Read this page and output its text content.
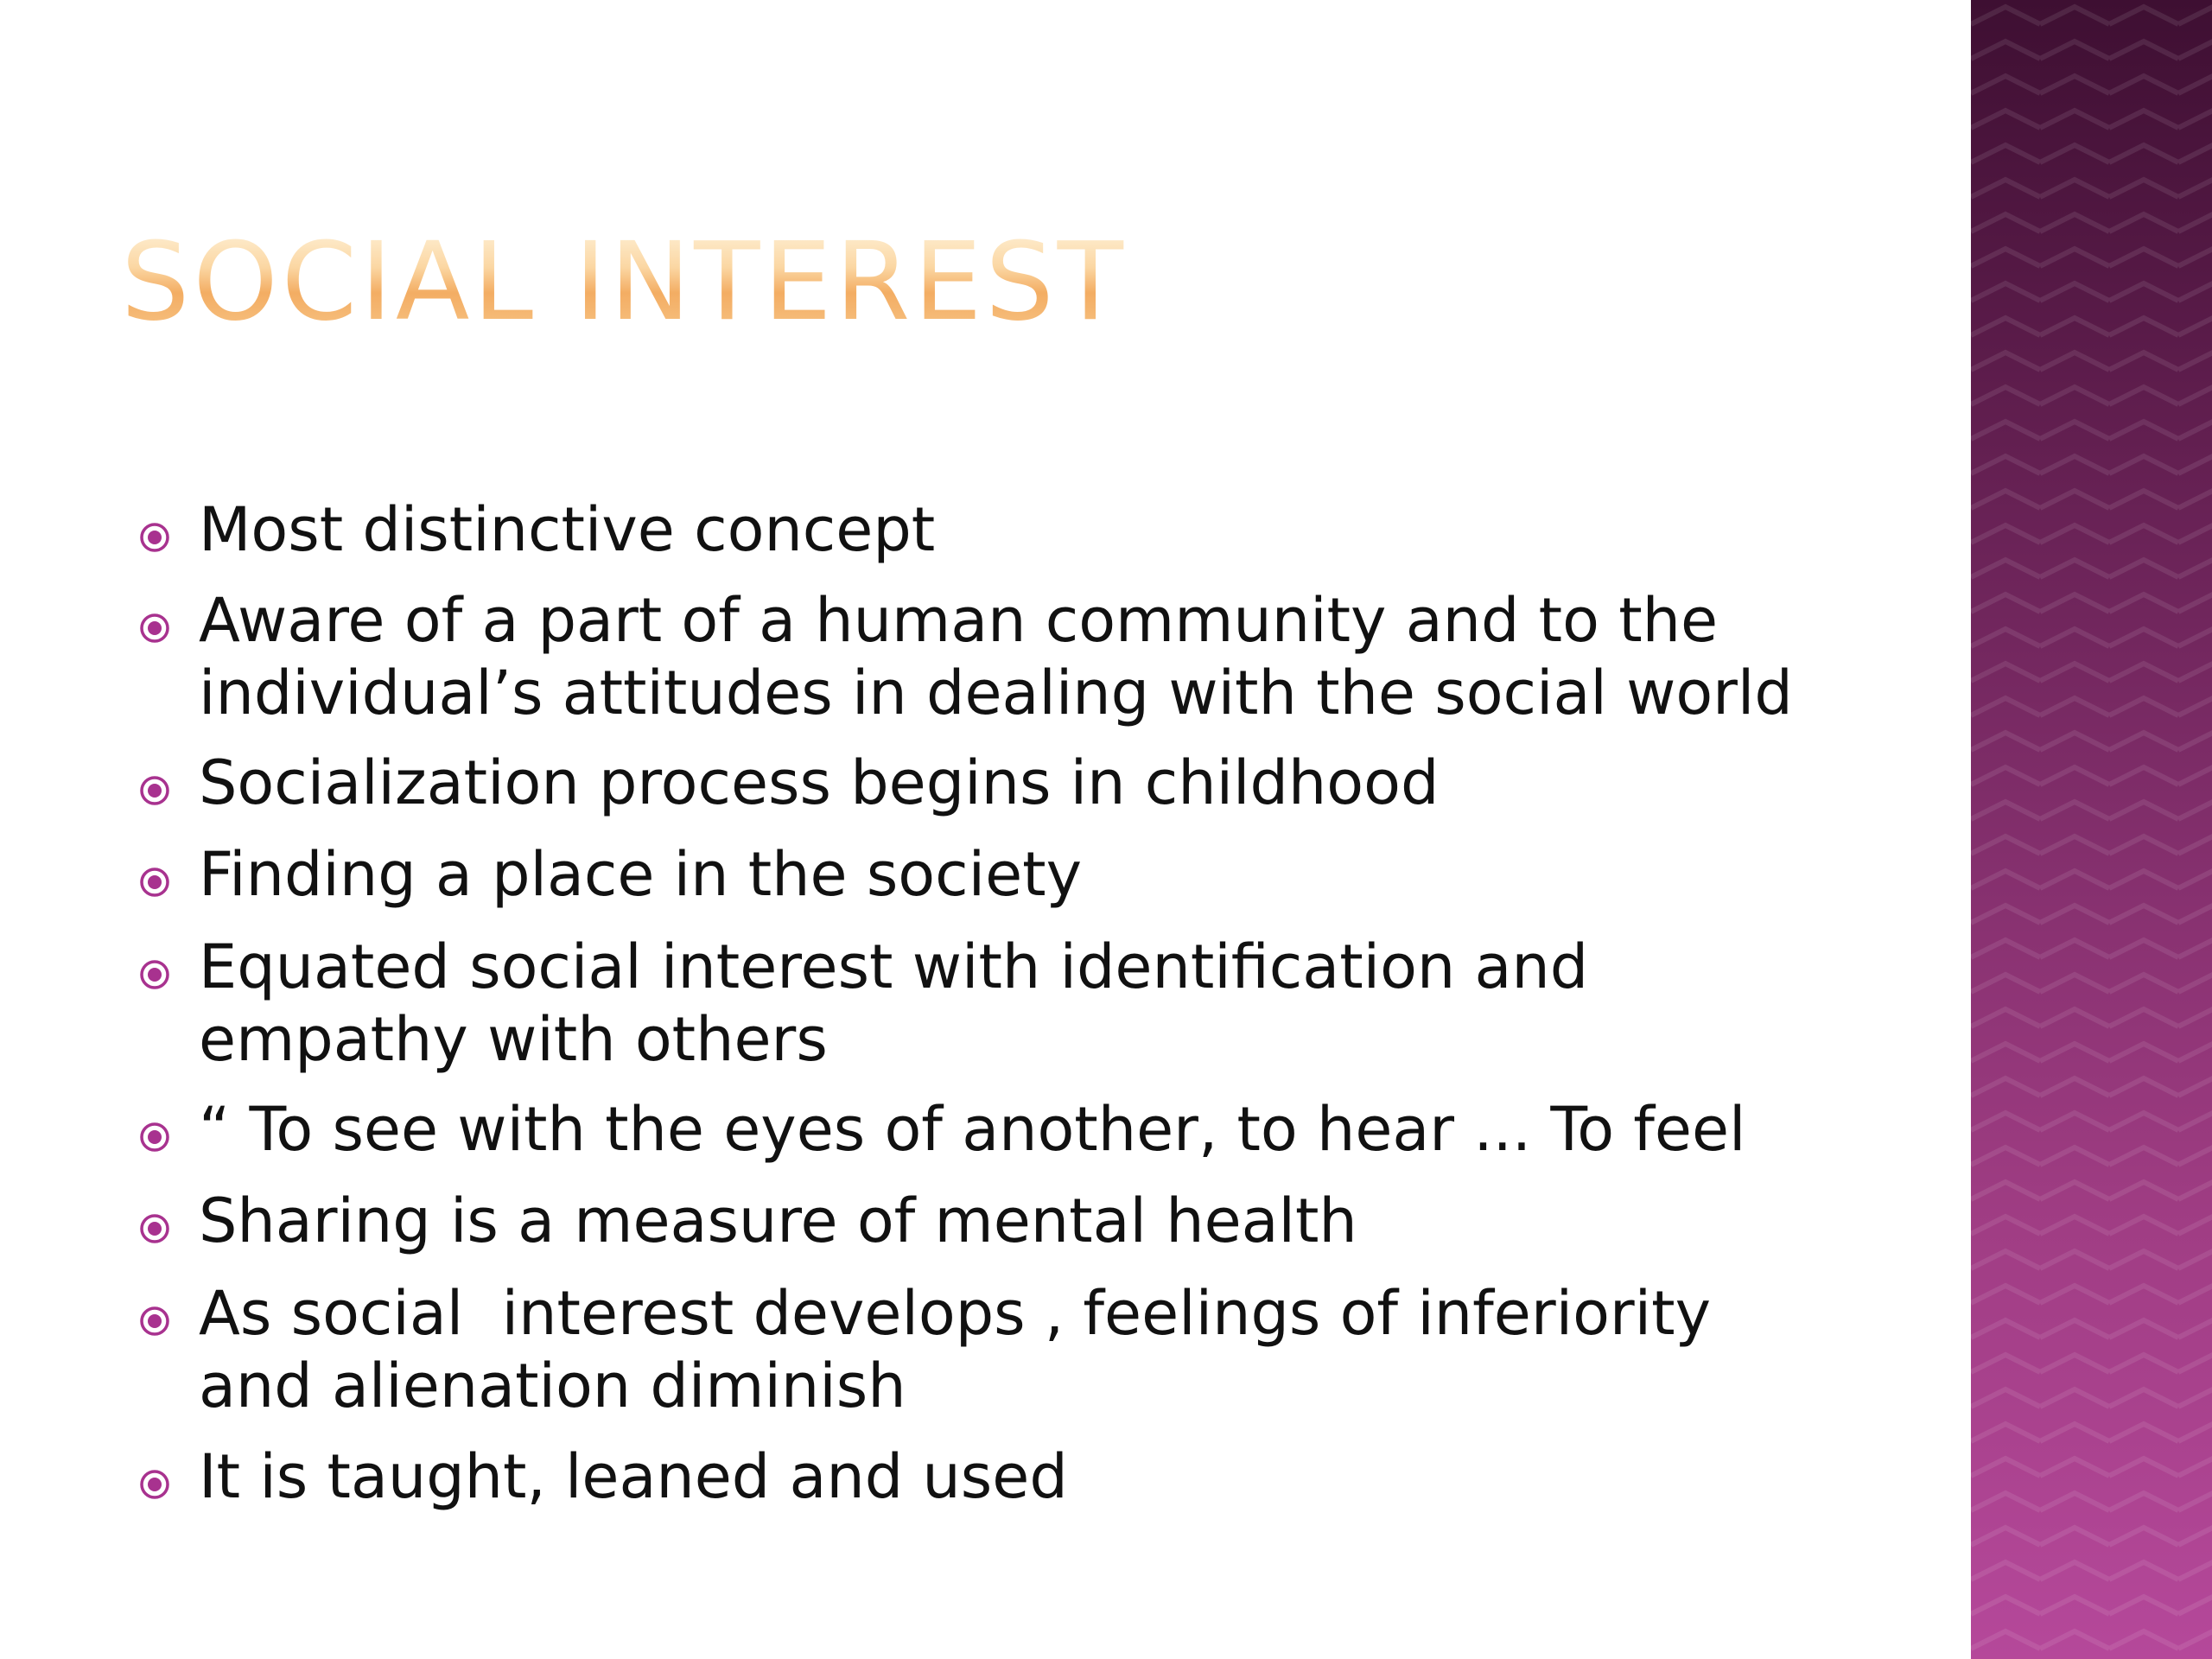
SOCIAL INTEREST
Most distinctive concept
Aware of a part of a human community and to the
individual’s attitudes in dealing with the social world
Socialization process begins in childhood
Finding a place in the society
Equated social interest with identification and
empathy with others
“ To see with the eyes of another, to hear ... To feel
Sharing is a measure of mental health
As social  interest develops , feelings of inferiority
and alienation diminish
It is taught, leaned and used
